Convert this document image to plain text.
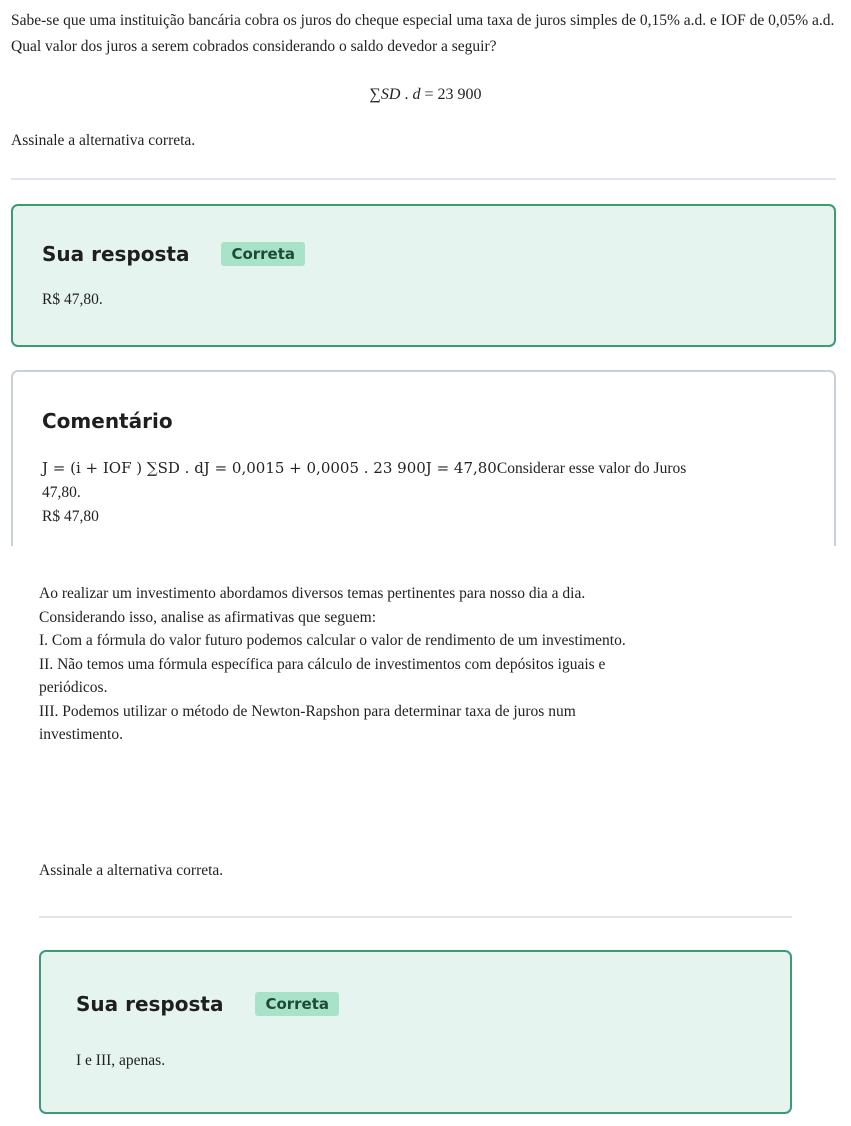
Sabe-se que uma instituição bancária cobra os juros do cheque especial uma taxa de juros simples de 0,15% a.d. e IOF de 0,05% a.d. Qual valor dos juros a serem cobrados considerando o saldo devedor a seguir?

∑SD . d = 23 900

Assinale a alternativa correta.

Sua resposta	Correta
R$ 47,80.
Comentário
J = (i + IOF ) ∑SD . dJ = 0,0015 + 0,0005 . 23 900J = 47,80Considerar esse valor do Juros
47,80.
R$ 47,80
Ao realizar um investimento abordamos diversos temas pertinentes para nosso dia a dia.
Considerando isso, analise as afirmativas que seguem:
I. Com a fórmula do valor futuro podemos calcular o valor de rendimento de um investimento.
II. Não temos uma fórmula específica para cálculo de investimentos com depósitos iguais e
periódicos.
III. Podemos utilizar o método de Newton-Rapshon para determinar taxa de juros num
investimento.

Assinale a alternativa correta.

Sua resposta	Correta
I e III, apenas.
